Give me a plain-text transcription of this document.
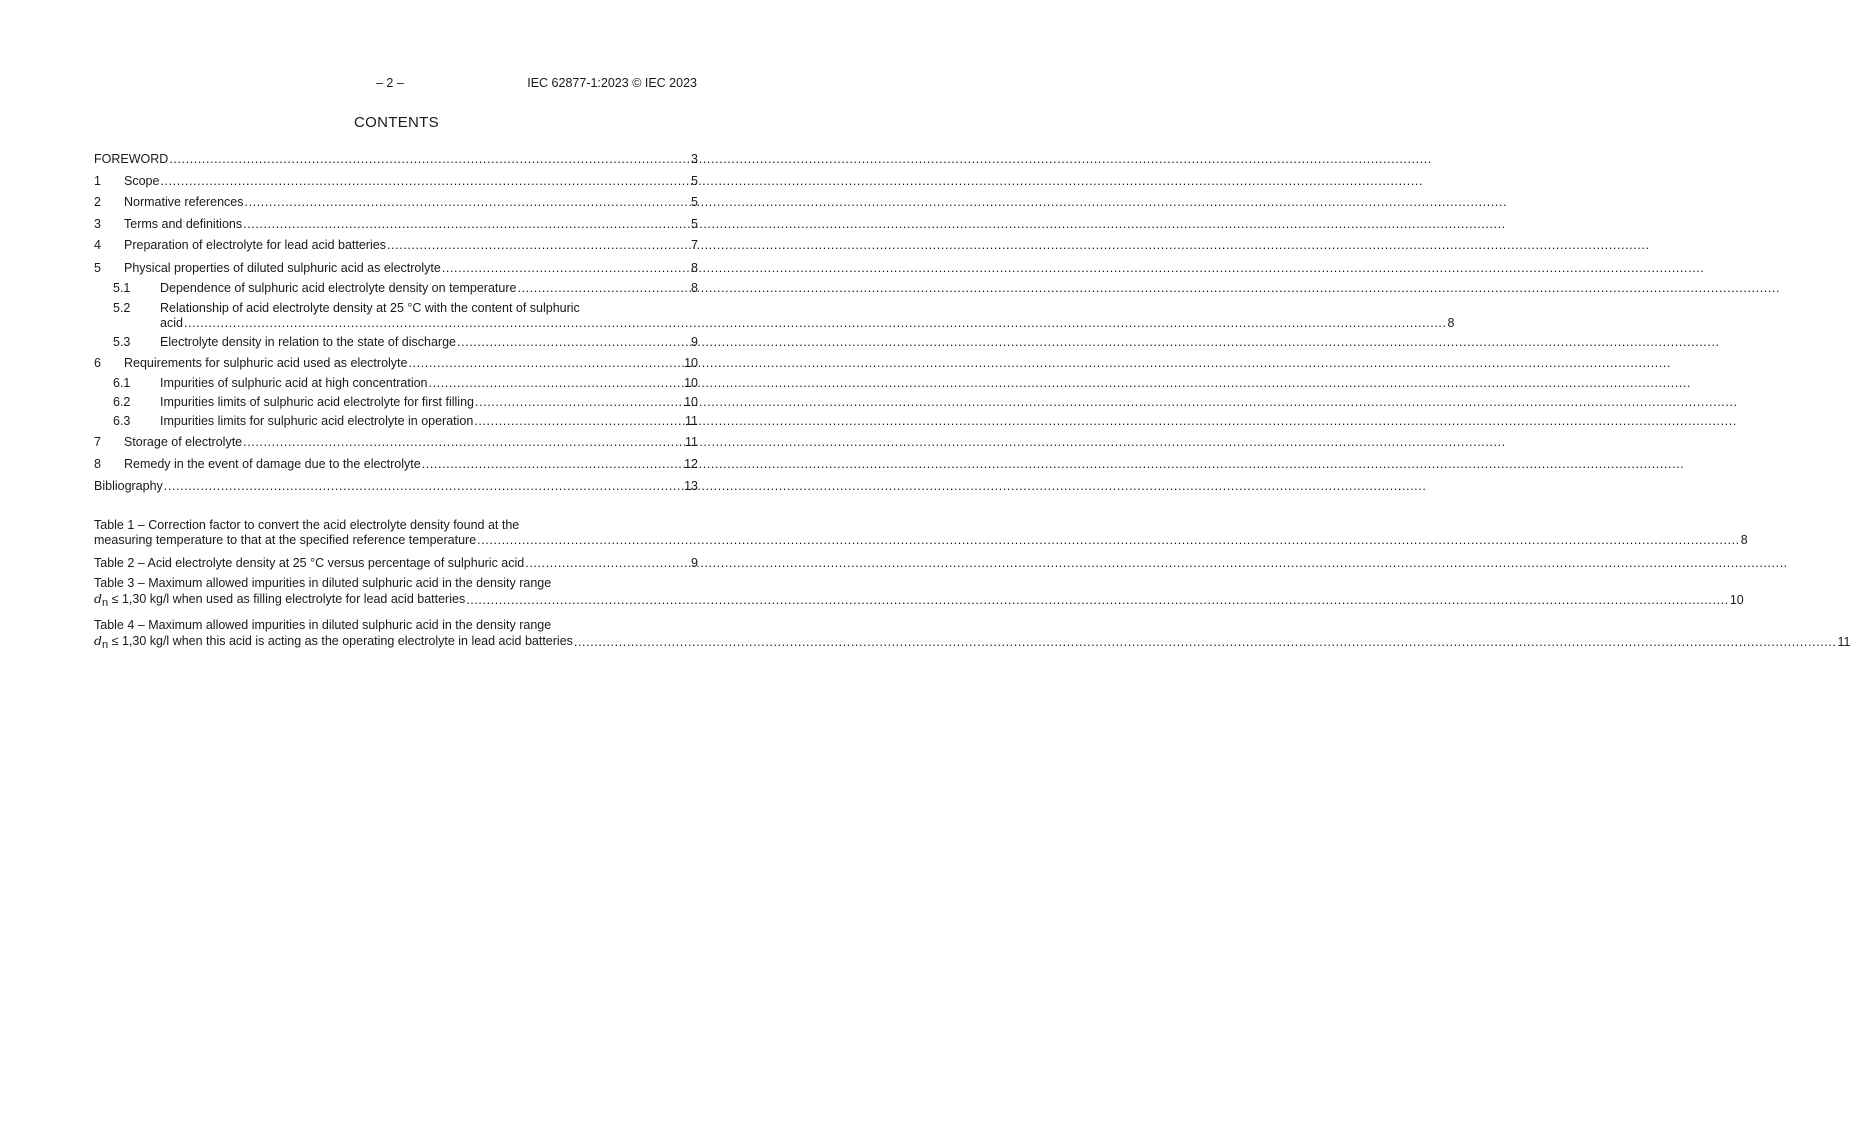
– 2 –	IEC 62877-1:2023 © IEC 2023
CONTENTS
FOREWORD .....	3
1	Scope .....	5
2	Normative references .....	5
3	Terms and definitions .....	5
4	Preparation of electrolyte for lead acid batteries .....	7
5	Physical properties of diluted sulphuric acid as electrolyte .....	8
5.1	Dependence of sulphuric acid electrolyte density on temperature .....	8
5.2	Relationship of acid electrolyte density at 25 °C with the content of sulphuric
acid .....	8
5.3	Electrolyte density in relation to the state of discharge .....	9
6	Requirements for sulphuric acid used as electrolyte .....	10
6.1	Impurities of sulphuric acid at high concentration .....	10
6.2	Impurities limits of sulphuric acid electrolyte for first filling .....	10
6.3	Impurities limits for sulphuric acid electrolyte in operation .....	11
7	Storage of electrolyte .....	11
8	Remedy in the event of damage due to the electrolyte .....	12
Bibliography .....	13
Table 1 – Correction factor to convert the acid electrolyte density found at the
measuring temperature to that at the specified reference temperature .....	8
Table 2 – Acid electrolyte density at 25 °C versus percentage of sulphuric acid .....	9
Table 3 – Maximum allowed impurities in diluted sulphuric acid in the density range
dn ≤ 1,30 kg/l when used as filling electrolyte for lead acid batteries .....	10
Table 4 – Maximum allowed impurities in diluted sulphuric acid in the density range
dn ≤ 1,30 kg/l when this acid is acting as the operating electrolyte in lead acid batteries .....	11
